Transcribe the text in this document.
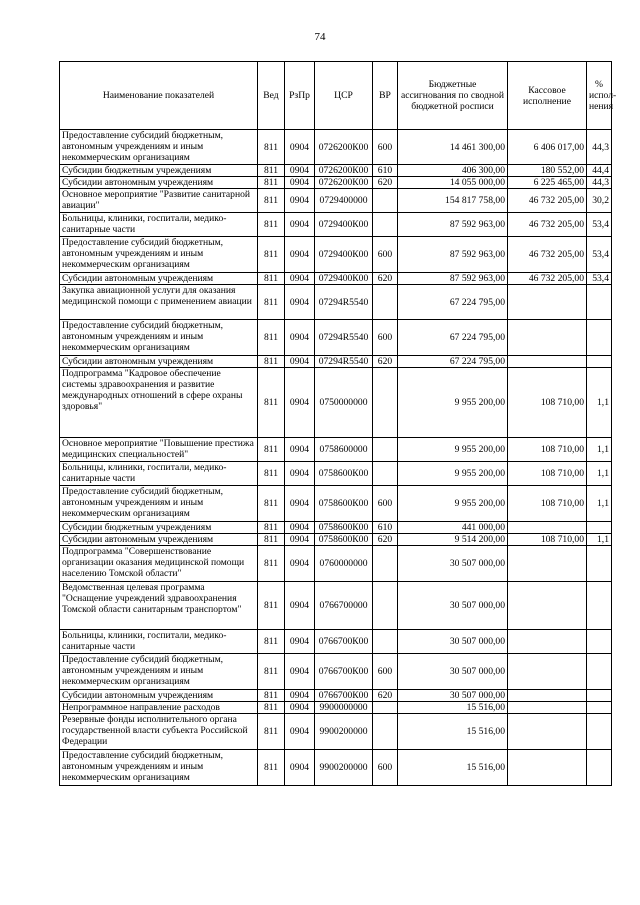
74
Наименование показателей	Вед	РзПр	ЦСР	ВР	Бюджетные ассигнования по сводной бюджетной росписи	Кассовое исполнение	% испол-нения
Предоставление субсидий бюджетным, автономным учреждениям и иным некоммерческим организациям	811	0904	0726200К00	600	14 461 300,00	6 406 017,00	44,3
Субсидии бюджетным учреждениям	811	0904	0726200К00	610	406 300,00	180 552,00	44,4
Субсидии автономным учреждениям	811	0904	0726200К00	620	14 055 000,00	6 225 465,00	44,3
Основное мероприятие "Развитие санитарной авиации"	811	0904	0729400000		154 817 758,00	46 732 205,00	30,2
Больницы, клиники, госпитали, медико-санитарные части	811	0904	0729400К00		87 592 963,00	46 732 205,00	53,4
Предоставление субсидий бюджетным, автономным учреждениям и иным некоммерческим организациям	811	0904	0729400К00	600	87 592 963,00	46 732 205,00	53,4
Субсидии автономным учреждениям	811	0904	0729400К00	620	87 592 963,00	46 732 205,00	53,4
Закупка авиационной услуги для оказания медицинской помощи с применением авиации	811	0904	07294R5540		67 224 795,00		
Предоставление субсидий бюджетным, автономным учреждениям и иным некоммерческим организациям	811	0904	07294R5540	600	67 224 795,00		
Субсидии автономным учреждениям	811	0904	07294R5540	620	67 224 795,00		
Подпрограмма "Кадровое обеспечение системы здравоохранения и развитие международных отношений в сфере охраны здоровья"	811	0904	0750000000		9 955 200,00	108 710,00	1,1
Основное мероприятие "Повышение престижа медицинских специальностей"	811	0904	0758600000		9 955 200,00	108 710,00	1,1
Больницы, клиники, госпитали, медико-санитарные части	811	0904	0758600К00		9 955 200,00	108 710,00	1,1
Предоставление субсидий бюджетным, автономным учреждениям и иным некоммерческим организациям	811	0904	0758600К00	600	9 955 200,00	108 710,00	1,1
Субсидии бюджетным учреждениям	811	0904	0758600К00	610	441 000,00		
Субсидии автономным учреждениям	811	0904	0758600К00	620	9 514 200,00	108 710,00	1,1
Подпрограмма "Совершенствование организации оказания медицинской помощи населению Томской области"	811	0904	0760000000		30 507 000,00		
Ведомственная целевая программа "Оснащение учреждений здравоохранения Томской области санитарным транспортом"	811	0904	0766700000		30 507 000,00		
Больницы, клиники, госпитали, медико-санитарные части	811	0904	0766700К00		30 507 000,00		
Предоставление субсидий бюджетным, автономным учреждениям и иным некоммерческим организациям	811	0904	0766700К00	600	30 507 000,00		
Субсидии автономным учреждениям	811	0904	0766700К00	620	30 507 000,00		
Непрограммное направление расходов	811	0904	9900000000		15 516,00		
Резервные фонды исполнительного органа государственной власти субъекта Российской Федерации	811	0904	9900200000		15 516,00		
Предоставление субсидий бюджетным, автономным учреждениям и иным некоммерческим организациям	811	0904	9900200000	600	15 516,00		
